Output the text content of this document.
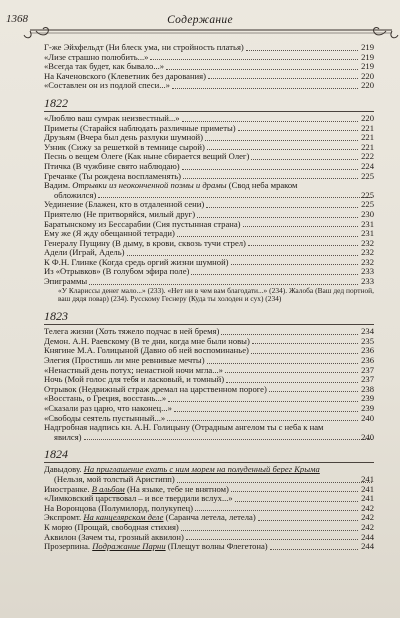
1368	Содержание
Г-же Эйхфельдт (Ни блеск ума, ни стройность платья)	219
«Лизе страшно полюбить...»	219
«Всегда так будет, как бывало...»	219
На Каченовского (Клеветник без дарования)	220
«Составлен он из подлой спеси...»	220
1822
«Люблю ваш сумрак неизвестный...»	220
Приметы (Старайся наблюдать различные приметы)	221
Друзьям (Вчера был день разлуки шумной)	221
Узник (Сижу за решеткой в темнице сырой)	221
Песнь о вещем Олеге (Как ныне сбирается вещий Олег)	222
Птичка (В чужбине свято наблюдаю)	224
Гречанке (Ты рождена воспламенять)	225
Вадим. Отрывки из неоконченной поэмы и драмы (Свод неба мраком
обложился)	225
Уединение (Блажен, кто в отдаленной сени)	225
Приятелю (Не притворяйся, милый друг)	230
Баратынскому из Бессарабии (Сия пустынная страна)	231
Ему же (Я жду обещанной тетради)	231
Генералу Пущину (В дыму, в крови, сквозь тучи стрел)	232
Адели (Играй, Адель)	232
К Ф.Н. Глинке (Когда средь оргий жизни шумной)	232
Из «Отрывков» (В голубом эфира поле)	233
Эпиграммы	233
«У Клариссы денег мало...» (233). «Нет ни в чем вам благодати...» (234). Жалоба (Ваш дед портной, ваш дядя повар) (234). Русскому Геснеру (Куда ты холоден и сух) (234)
1823
Телега жизни (Хоть тяжело подчас в ней бремя)	234
Демон. А.Н. Раевскому (В те дни, когда мне были новы)	235
Княгине М.А. Голицыной (Давно об ней воспоминанье)	236
Элегия (Простишь ли мне ревнивые мечты)	236
«Ненастный день потух; ненастной ночи мгла...»	237
Ночь (Мой голос для тебя и ласковый, и томный)	237
Отрывок (Недвижный страж дремал на царственном пороге)	238
«Восстань, о Греция, восстань...»	239
«Сказали раз царю, что наконец...»	239
«Свободы сеятель пустынный...»	240
Надгробная надпись кн. А.Н. Голицыну (Отрадным ангелом ты с неба к нам
явился)	240
1824
Давыдову. На приглашение ехать с ним морем на полуденный берег Крыма
(Нельзя, мой толстый Аристипп)	241
Иностранке. В альбом (На языке, тебе не внятном)	241
«Лимковский царствовал – и все твердили вслух...»	241
На Воронцова (Полумилорд, полукупец)	242
Экспромт. На канцелярском деле (Саранча летела, летела)	242
К морю (Прощай, свободная стихия)	242
Аквилон (Зачем ты, грозный аквилон)	244
Прозерпина. Подражание Парни (Плещут волны Флегетона)	244
